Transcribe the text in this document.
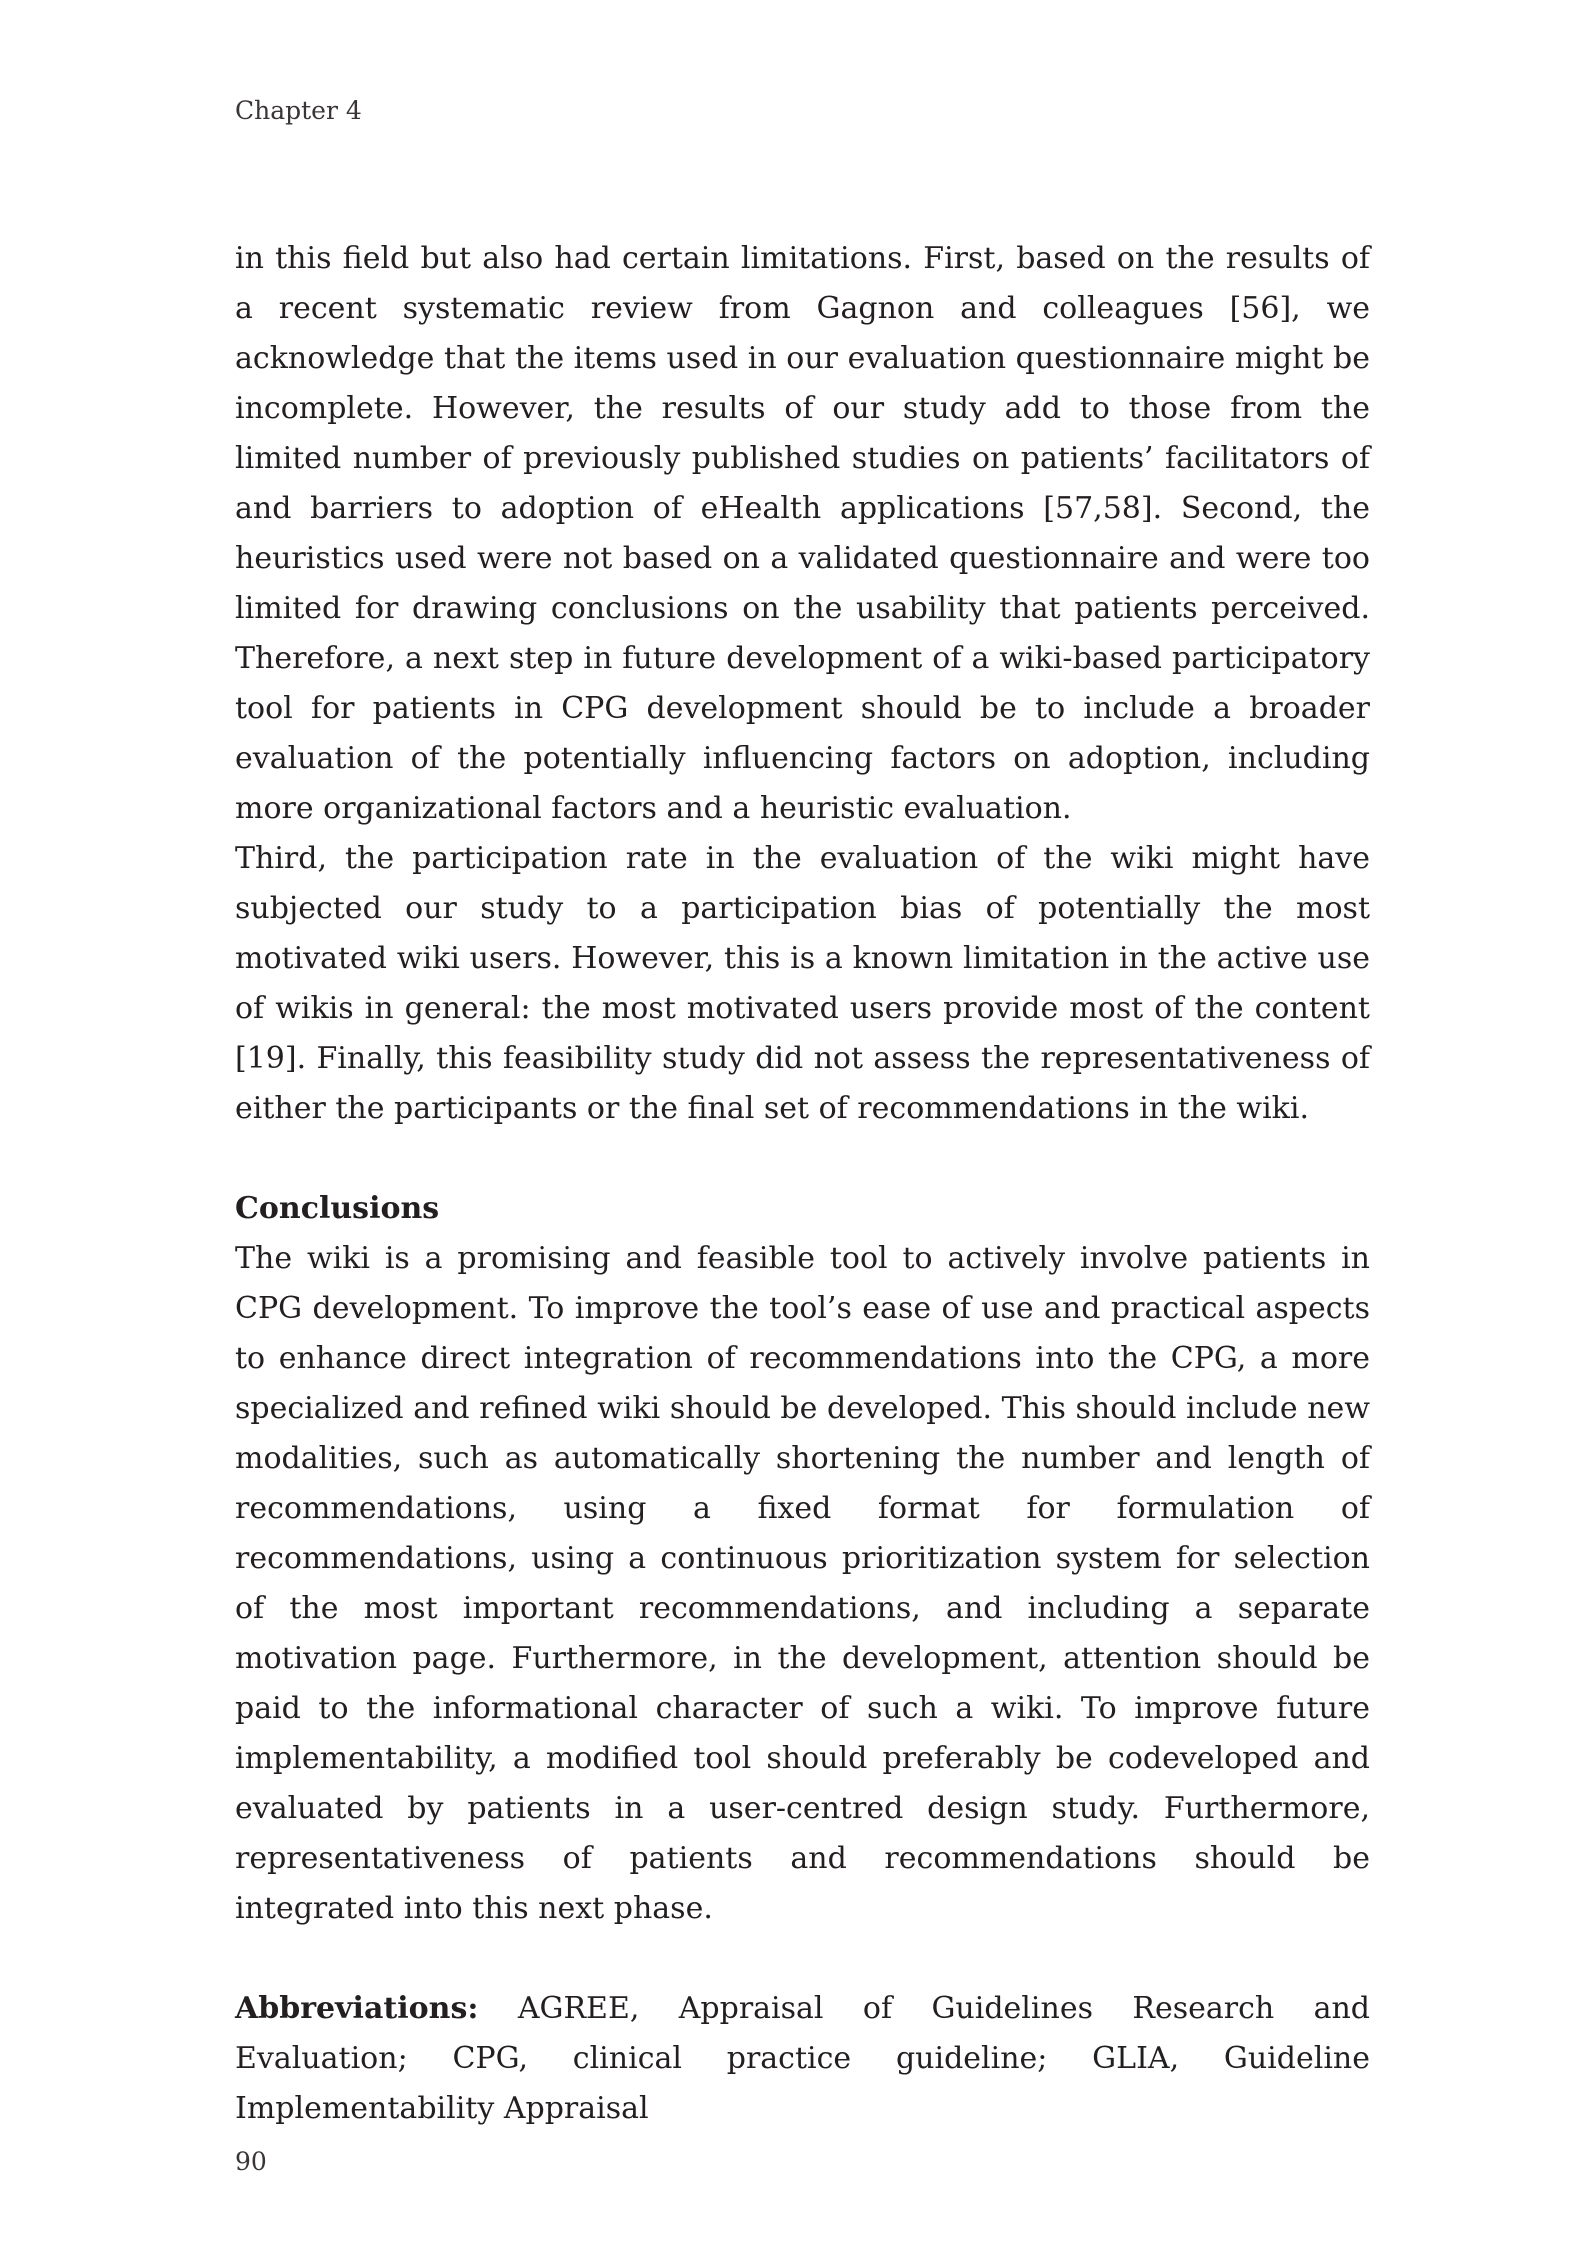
Chapter 4

in this field but also had certain limitations. First, based on the results of a recent systematic review from Gagnon and colleagues [56], we acknowledge that the items used in our evaluation questionnaire might be incomplete. However, the results of our study add to those from the limited number of previously published studies on patients’ facilitators of and barriers to adoption of eHealth applications [57,58]. Second, the heuristics used were not based on a validated questionnaire and were too limited for drawing conclusions on the usability that patients perceived. Therefore, a next step in future development of a wiki-based participatory tool for patients in CPG development should be to include a broader evaluation of the potentially influencing factors on adoption, including more organizational factors and a heuristic evaluation.

Third, the participation rate in the evaluation of the wiki might have subjected our study to a participation bias of potentially the most motivated wiki users. However, this is a known limitation in the active use of wikis in general: the most motivated users provide most of the content [19]. Finally, this feasibility study did not assess the representativeness of either the participants or the final set of recommendations in the wiki.

Conclusions

The wiki is a promising and feasible tool to actively involve patients in CPG development. To improve the tool’s ease of use and practical aspects to enhance direct integration of recommendations into the CPG, a more specialized and refined wiki should be developed. This should include new modalities, such as automatically shortening the number and length of recommendations, using a fixed format for formulation of recommendations, using a continuous prioritization system for selection of the most important recommendations, and including a separate motivation page. Furthermore, in the development, attention should be paid to the informational character of such a wiki. To improve future implementability, a modified tool should preferably be codeveloped and evaluated by patients in a user-centred design study. Furthermore, representativeness of patients and recommendations should be integrated into this next phase.

Abbreviations: AGREE, Appraisal of Guidelines Research and Evaluation; CPG, clinical practice guideline; GLIA, Guideline Implementability Appraisal

90
